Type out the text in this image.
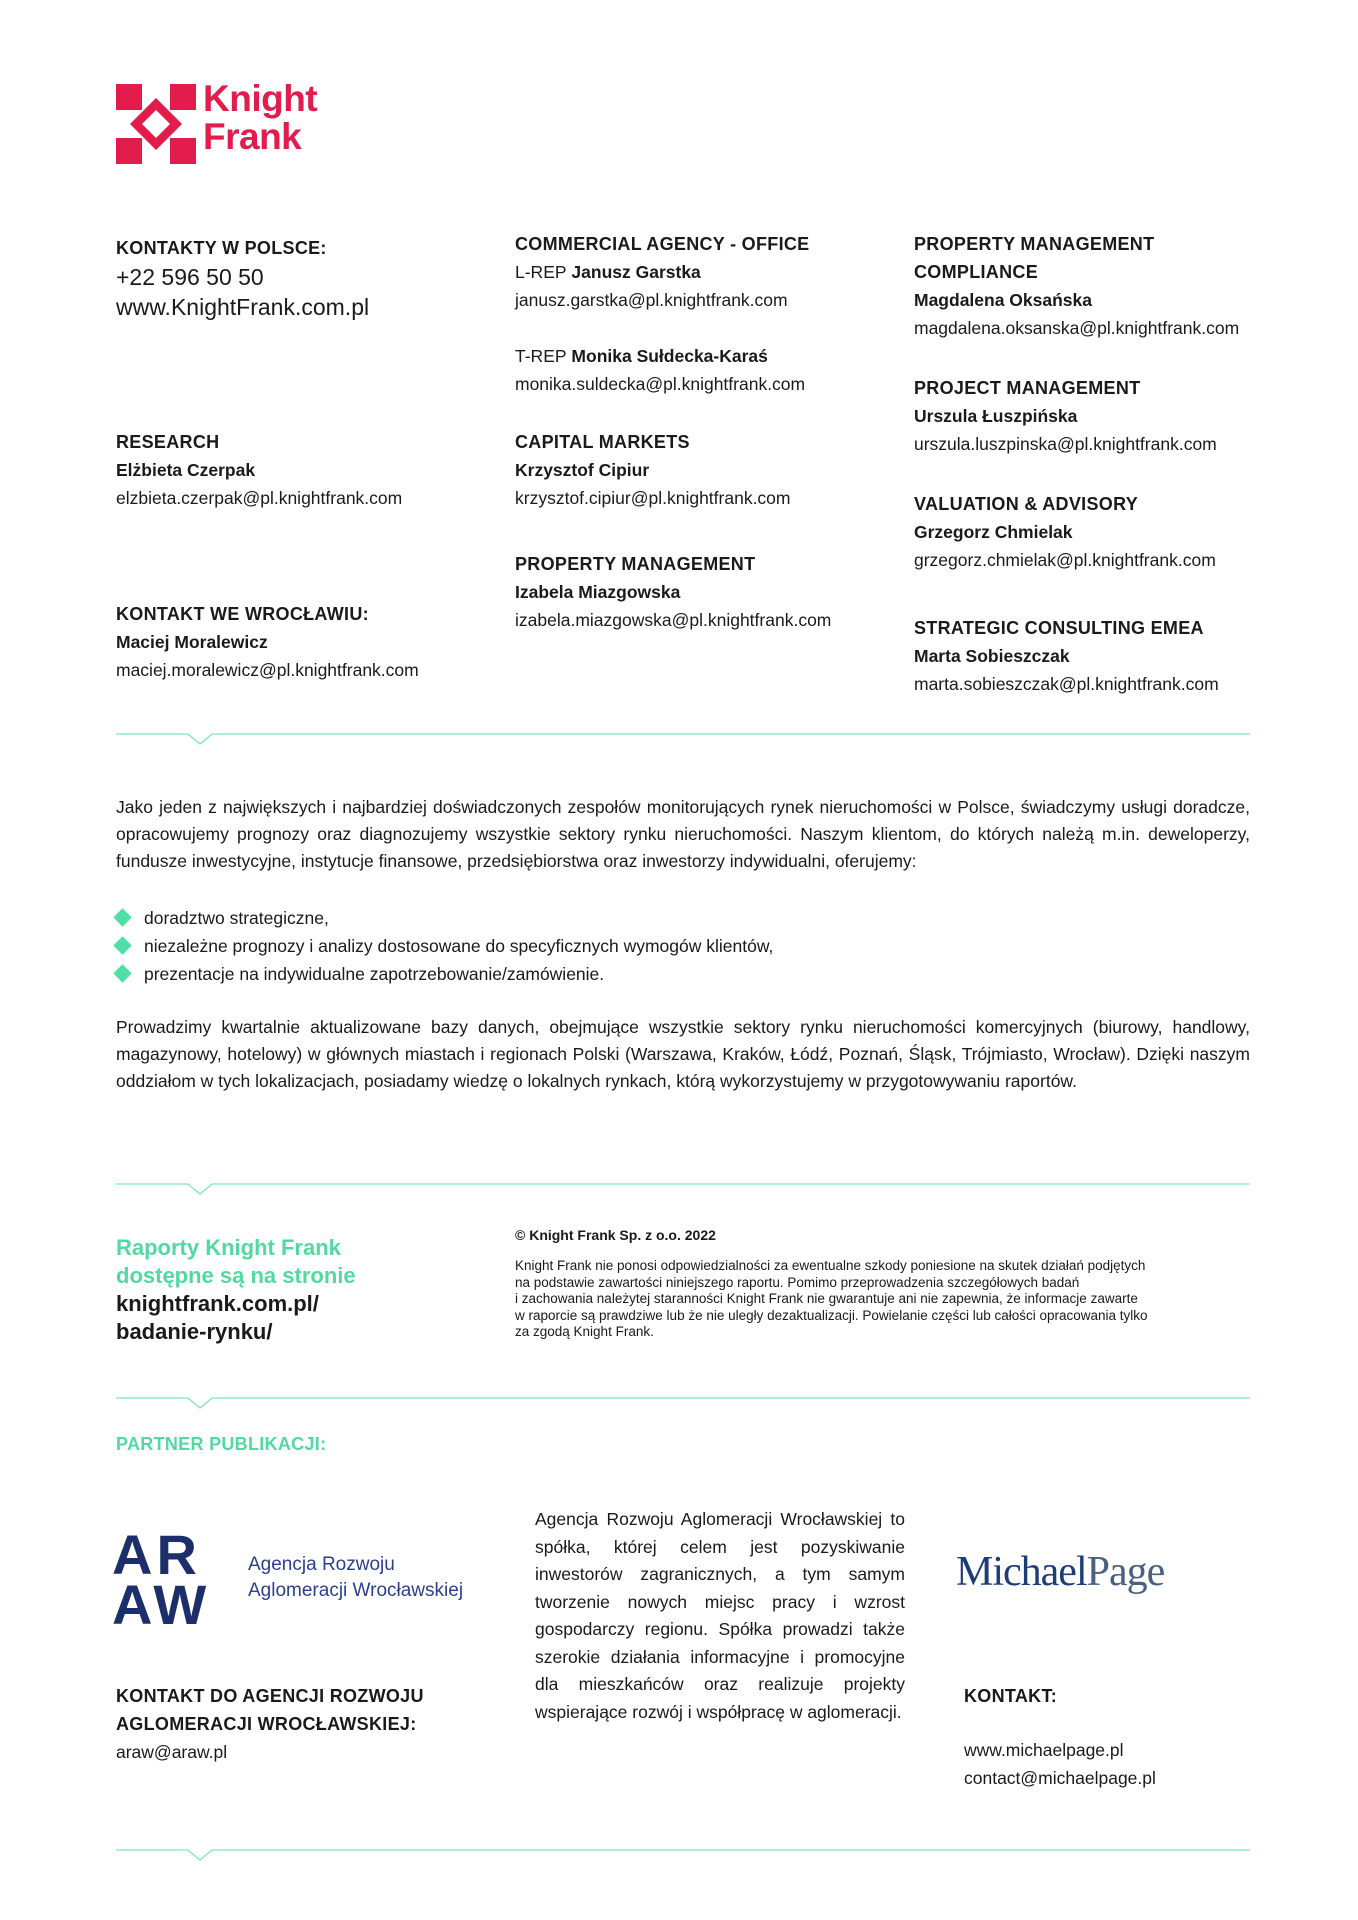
Knight
Frank
KONTAKTY W POLSCE:
+22 596 50 50
www.KnightFrank.com.pl
RESEARCH
Elżbieta Czerpak
elzbieta.czerpak@pl.knightfrank.com
KONTAKT WE WROCŁAWIU:
Maciej Moralewicz
maciej.moralewicz@pl.knightfrank.com
COMMERCIAL AGENCY - OFFICE
L-REP Janusz Garstka
janusz.garstka@pl.knightfrank.com
T-REP Monika Sułdecka-Karaś
monika.suldecka@pl.knightfrank.com
CAPITAL MARKETS
Krzysztof Cipiur
krzysztof.cipiur@pl.knightfrank.com
PROPERTY MANAGEMENT
Izabela Miazgowska
izabela.miazgowska@pl.knightfrank.com
PROPERTY MANAGEMENT
COMPLIANCE
Magdalena Oksańska
magdalena.oksanska@pl.knightfrank.com
PROJECT MANAGEMENT
Urszula Łuszpińska
urszula.luszpinska@pl.knightfrank.com
VALUATION & ADVISORY
Grzegorz Chmielak
grzegorz.chmielak@pl.knightfrank.com
STRATEGIC CONSULTING EMEA
Marta Sobieszczak
marta.sobieszczak@pl.knightfrank.com
Jako jeden z największych i najbardziej doświadczonych zespołów monitorujących rynek nieruchomości w Polsce, świadczymy usługi doradcze, opracowujemy prognozy oraz diagnozujemy wszystkie sektory rynku nieruchomości. Naszym klientom, do których należą m.in. deweloperzy, fundusze inwestycyjne, instytucje finansowe, przedsiębiorstwa oraz inwestorzy indywidualni, oferujemy:
doradztwo strategiczne,
niezależne prognozy i analizy dostosowane do specyficznych wymogów klientów,
prezentacje na indywidualne zapotrzebowanie/zamówienie.
Prowadzimy kwartalnie aktualizowane bazy danych, obejmujące wszystkie sektory rynku nieruchomości komercyjnych (biurowy, handlowy, magazynowy, hotelowy) w głównych miastach i regionach Polski (Warszawa, Kraków, Łódź, Poznań, Śląsk, Trójmiasto, Wrocław). Dzięki naszym oddziałom w tych lokalizacjach, posiadamy wiedzę o lokalnych rynkach, którą wykorzystujemy w przygotowywaniu raportów.
Raporty Knight Frank
dostępne są na stronie
knightfrank.com.pl/
badanie-rynku/
© Knight Frank Sp. z o.o. 2022
Knight Frank nie ponosi odpowiedzialności za ewentualne szkody poniesione na skutek działań podjętych
na podstawie zawartości niniejszego raportu. Pomimo przeprowadzenia szczegółowych badań
i zachowania należytej staranności Knight Frank nie gwarantuje ani nie zapewnia, że informacje zawarte
w raporcie są prawdziwe lub że nie uległy dezaktualizacji. Powielanie części lub całości opracowania tylko
za zgodą Knight Frank.
PARTNER PUBLIKACJI:
AR
AW
Agencja Rozwoju
Aglomeracji Wrocławskiej
Agencja Rozwoju Aglomeracji Wrocławskiej to spółka, której celem jest pozyskiwanie inwestorów zagranicznych, a tym samym tworzenie nowych miejsc pracy i wzrost gospodarczy regionu. Spółka prowadzi także szerokie działania informacyjne i promocyjne dla mieszkańców oraz realizuje projekty wspierające rozwój i współpracę w aglomeracji.
MichaelPage
KONTAKT DO AGENCJI ROZWOJU
AGLOMERACJI WROCŁAWSKIEJ:
araw@araw.pl
KONTAKT:
www.michaelpage.pl
contact@michaelpage.pl
